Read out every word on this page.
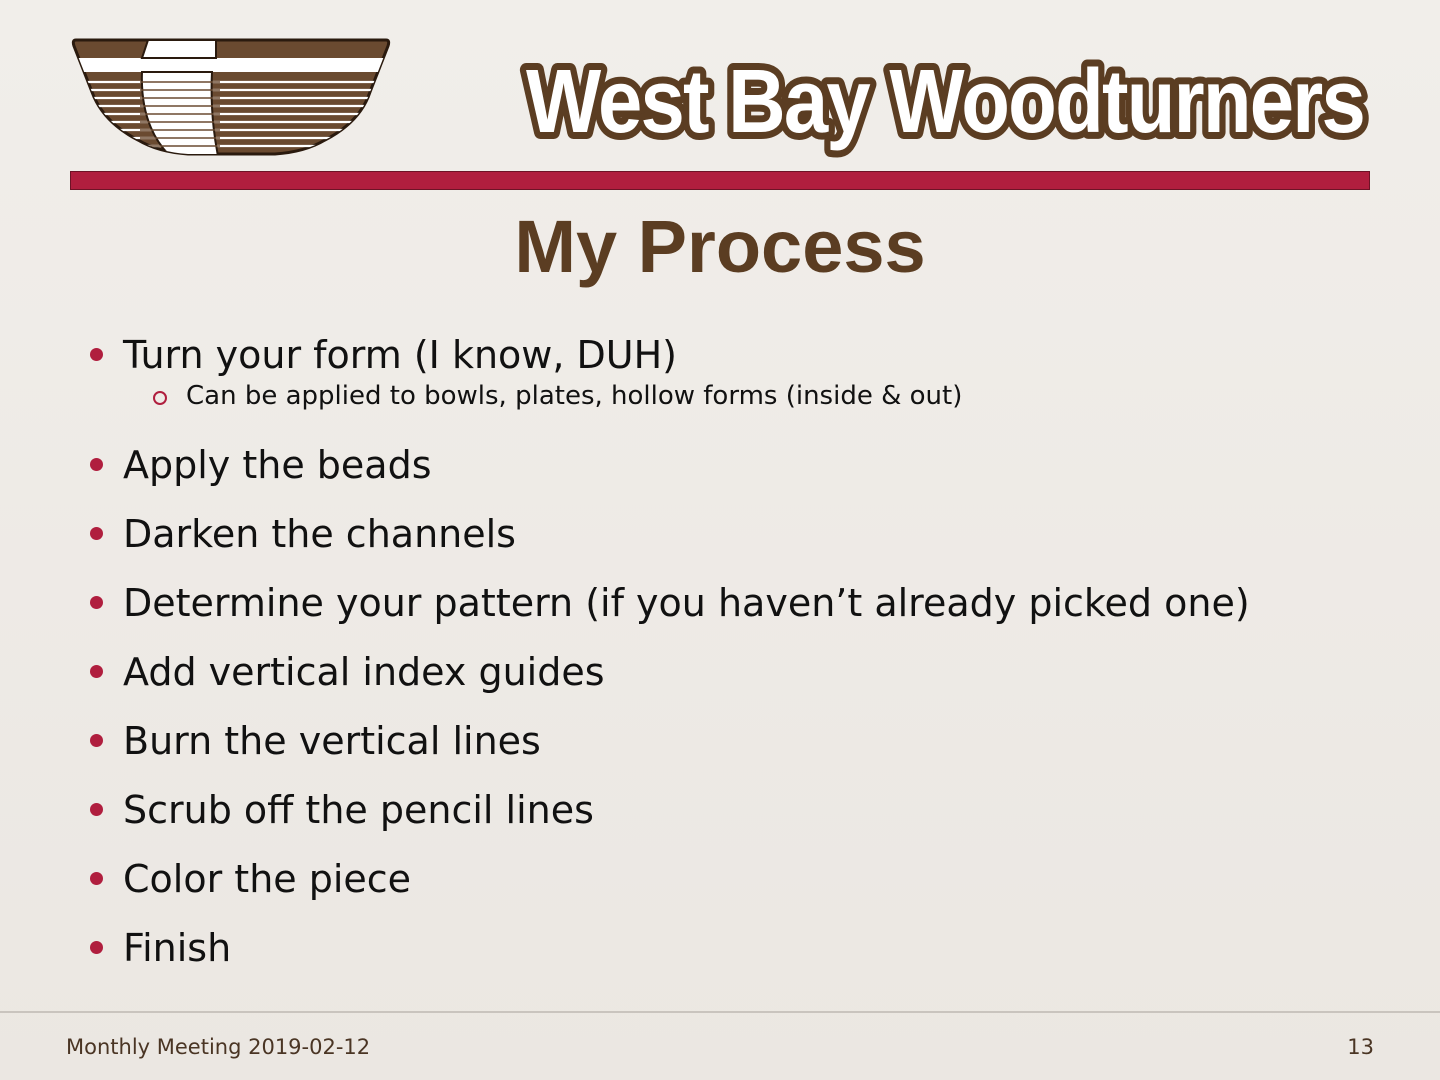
West Bay Woodturners
My Process
Turn your form (I know, DUH)
Can be applied to bowls, plates, hollow forms (inside & out)
Apply the beads
Darken the channels
Determine your pattern (if you haven’t already picked one)
Add vertical index guides
Burn the vertical lines
Scrub off the pencil lines
Color the piece
Finish
Monthly Meeting 2019-02-12	13
